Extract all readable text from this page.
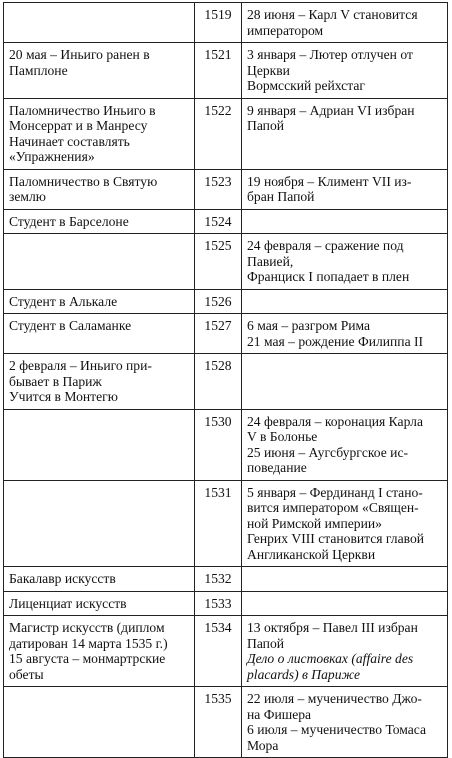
	1519	28 июня – Карл V становится
императором

20 мая – Иньиго ранен в
Памплоне	1521	3 января – Лютер отлучен от
Церкви
Вормсский рейхстаг

Паломничество Иньиго в
Монсеррат и в Манресу
Начинает составлять
«Упражнения»	1522	9 января – Адриан VI избран
Папой

Паломничество в Святую
землю	1523	19 ноября – Климент VII из-
бран Папой

Студент в Барселоне	1524	
	1525	24 февраля – сражение под
Павией,
Франциск I попадает в плен

Студент в Алькале	1526	

Студент в Саламанке	1527	6 мая – разгром Рима
21 мая – рождение Филиппа II

2 февраля – Иньиго при-
бывает в Париж
Учится в Монтегю	1528	
	1530	24 февраля – коронация Карла
V в Болонье
25 июня – Аугсбургское ис-
поведание

	1531	5 января – Фердинанд I стано-
вится императором «Священ-
ной Римской империи»
Генрих VIII становится главой
Англиканской Церкви

Бакалавр искусств	1532	

Лиценциат искусств	1533	

Магистр искусств (диплом
датирован 14 марта 1535 г.)
15 августа – монмартрские
обеты	1534	13 октября – Павел III избран
Папой
Дело о листовках (affaire des
placards) в Париже

	1535	22 июля – мученичество Джо-
на Фишера
6 июля – мученичество Томаса
Мора
